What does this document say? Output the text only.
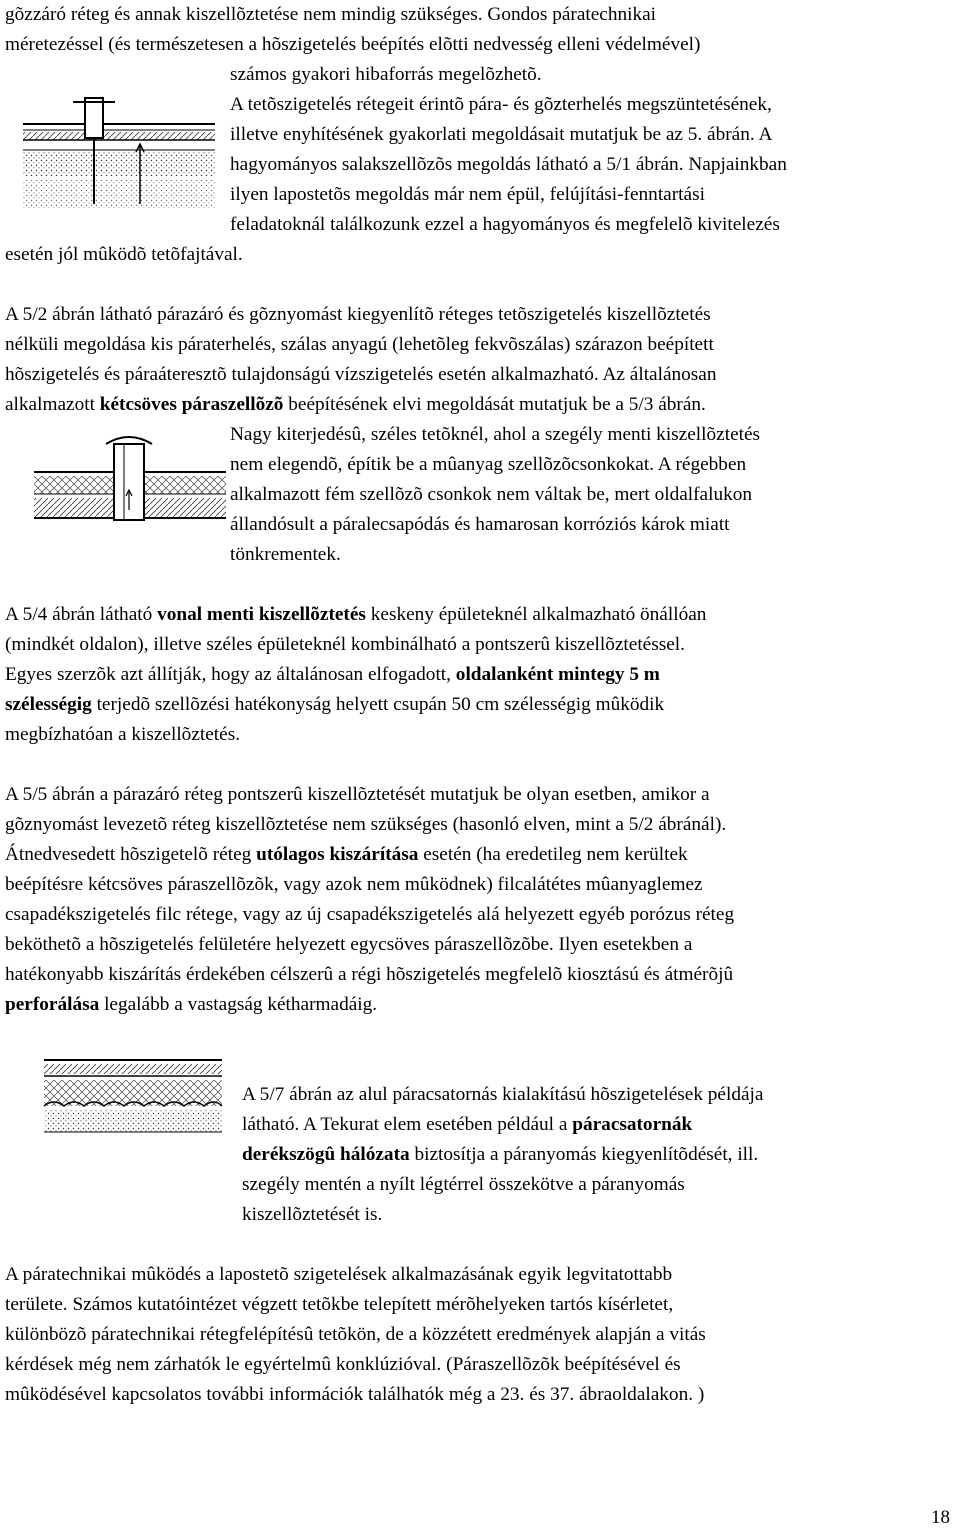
gõzzáró réteg és annak kiszellõztetése nem mindig szükséges. Gondos páratechnikai
méretezéssel (és természetesen a hõszigetelés beépítés elõtti nedvesség elleni védelmével)
számos gyakori hibaforrás megelõzhetõ.
A tetõszigetelés rétegeit érintõ pára- és gõzterhelés megszüntetésének,
illetve enyhítésének gyakorlati megoldásait mutatjuk be az 5. ábrán. A
hagyományos salakszellõzõs megoldás látható a 5/1 ábrán. Napjainkban
ilyen lapostetõs megoldás már nem épül, felújítási-fenntartási
feladatoknál találkozunk ezzel a hagyományos és megfelelõ kivitelezés
esetén jól mûködõ tetõfajtával.
A 5/2 ábrán látható párazáró és gõznyomást kiegyenlítõ réteges tetõszigetelés kiszellõztetés
nélküli megoldása kis páraterhelés, szálas anyagú (lehetõleg fekvõszálas) szárazon beépített
hõszigetelés és páraáteresztõ tulajdonságú vízszigetelés esetén alkalmazható. Az általánosan
alkalmazott kétcsöves páraszellõzõ beépítésének elvi megoldását mutatjuk be a 5/3 ábrán.
Nagy kiterjedésû, széles tetõknél, ahol a szegély menti kiszellõztetés
nem elegendõ, építik be a mûanyag szellõzõcsonkokat. A régebben
alkalmazott fém szellõzõ csonkok nem váltak be, mert oldalfalukon
állandósult a páralecsapódás és hamarosan korróziós károk miatt
tönkrementek.
A 5/4 ábrán látható vonal menti kiszellõztetés keskeny épületeknél alkalmazható önállóan
(mindkét oldalon), illetve széles épületeknél kombinálható a pontszerû kiszellõztetéssel.
Egyes szerzõk azt állítják, hogy az általánosan elfogadott, oldalanként mintegy 5 m
szélességig terjedõ szellõzési hatékonyság helyett csupán 50 cm szélességig mûködik
megbízhatóan a kiszellõztetés.
A 5/5 ábrán a párazáró réteg pontszerû kiszellõztetését mutatjuk be olyan esetben, amikor a
gõznyomást levezetõ réteg kiszellõztetése nem szükséges (hasonló elven, mint a 5/2 ábránál).
Átnedvesedett hõszigetelõ réteg utólagos kiszárítása esetén (ha eredetileg nem kerültek
beépítésre kétcsöves páraszellõzõk, vagy azok nem mûködnek) filcalátétes mûanyaglemez
csapadékszigetelés filc rétege, vagy az új csapadékszigetelés alá helyezett egyéb porózus réteg
beköthetõ a hõszigetelés felületére helyezett egycsöves páraszellõzõbe. Ilyen esetekben a
hatékonyabb kiszárítás érdekében célszerû a régi hõszigetelés megfelelõ kiosztású és átmérõjû
perforálása legalább a vastagság kétharmadáig.
A 5/7 ábrán az alul páracsatornás kialakítású hõszigetelések példája
látható. A Tekurat elem esetében például a páracsatornák
derékszögû hálózata biztosítja a páranyomás kiegyenlítõdését, ill.
szegély mentén a nyílt légtérrel összekötve a páranyomás
kiszellõztetését is.
A páratechnikai mûködés a lapostetõ szigetelések alkalmazásának egyik legvitatottabb
területe. Számos kutatóintézet végzett tetõkbe telepített mérõhelyeken tartós kísérletet,
különbözõ páratechnikai rétegfelépítésû tetõkön, de a közzétett eredmények alapján a vitás
kérdések még nem zárhatók le egyértelmû konklúzióval. (Páraszellõzõk beépítésével és
mûködésével kapcsolatos további információk találhatók még a 23. és 37. ábraoldalakon. )
18
